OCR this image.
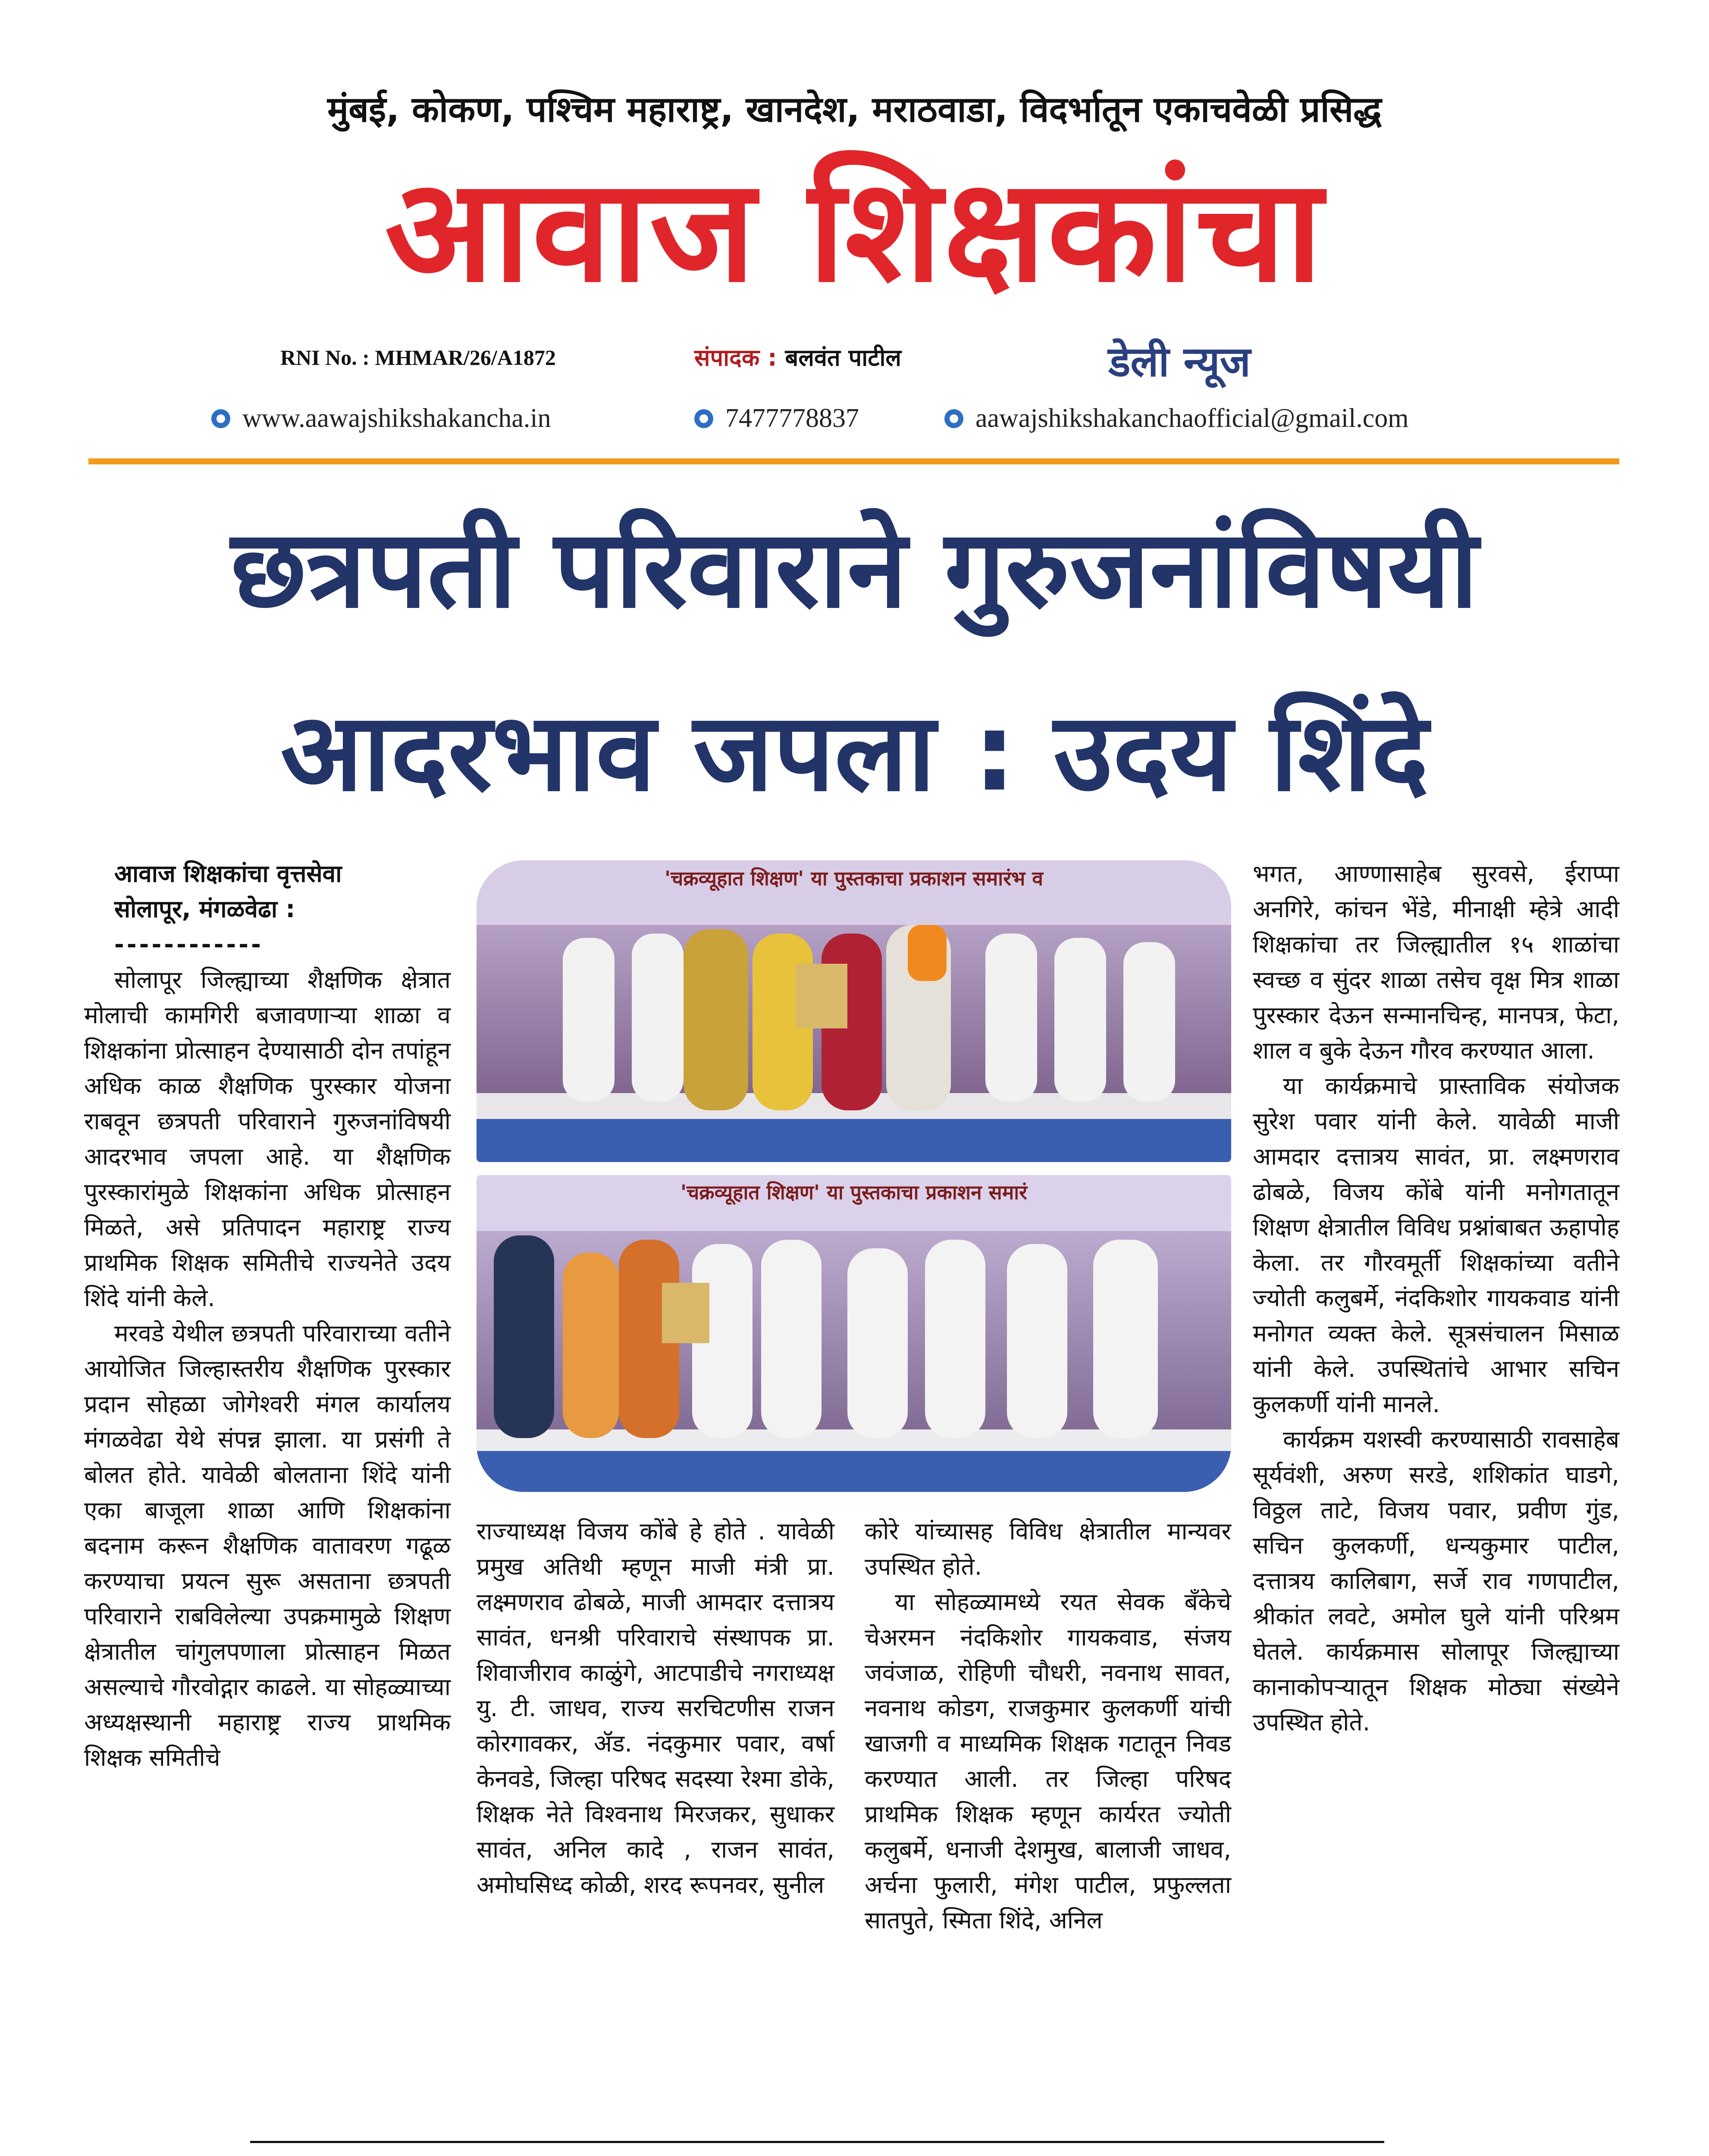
मुंबई, कोकण, पश्चिम महाराष्ट्र, खानदेश, मराठवाडा, विदर्भातून एकाचवेळी प्रसिद्ध
आवाज शिक्षकांचा
RNI No. : MHMAR/26/A1872	संपादक : बलवंत पाटील	डेली न्यूज
www.aawajshikshakancha.in	7477778837	aawajshikshakanchaofficial@gmail.com
छत्रपती परिवाराने गुरुजनांविषयी
आदरभाव जपला : उदय शिंदे

आवाज शिक्षकांचा वृत्तसेवा

सोलापूर, मंगळवेढा :

------------

सोलापूर जिल्ह्याच्या शैक्षणिक क्षेत्रात मोलाची कामगिरी बजावणाऱ्या शाळा व शिक्षकांना प्रोत्साहन देण्यासाठी दोन तपांहून अधिक काळ शैक्षणिक पुरस्कार योजना राबवून छत्रपती परिवाराने गुरुजनांविषयी आदरभाव जपला आहे. या शैक्षणिक पुरस्कारांमुळे शिक्षकांना अधिक प्रोत्साहन मिळते, असे प्रतिपादन महाराष्ट्र राज्य प्राथमिक शिक्षक समितीचे राज्यनेते उदय शिंदे यांनी केले.

मरवडे येथील छत्रपती परिवाराच्या वतीने आयोजित जिल्हास्तरीय शैक्षणिक पुरस्कार प्रदान सोहळा जोगेश्वरी मंगल कार्यालय मंगळवेढा येथे संपन्न झाला. या प्रसंगी ते बोलत होते. यावेळी बोलताना शिंदे यांनी एका बाजूला शाळा आणि शिक्षकांना बदनाम करून शैक्षणिक वातावरण गढूळ करण्याचा प्रयत्न सुरू असताना छत्रपती परिवाराने राबविलेल्या उपक्रमामुळे शिक्षण क्षेत्रातील चांगुलपणाला प्रोत्साहन मिळत असल्याचे गौरवोद्गार काढले. या सोहळ्याच्या अध्यक्षस्थानी महाराष्ट्र राज्य प्राथमिक शिक्षक समितीचे

'चक्रव्यूहात शिक्षण' या पुस्तकाचा प्रकाशन समारंभ व
'चक्रव्यूहात शिक्षण' या पुस्तकाचा प्रकाशन समारं

राज्याध्यक्ष विजय कोंबे हे होते . यावेळी प्रमुख अतिथी म्हणून माजी मंत्री प्रा. लक्ष्मणराव ढोबळे, माजी आमदार दत्तात्रय सावंत, धनश्री परिवाराचे संस्थापक प्रा. शिवाजीराव काळुंगे, आटपाडीचे नगराध्यक्ष यु. टी. जाधव, राज्य सरचिटणीस राजन कोरगावकर, ॲड. नंदकुमार पवार, वर्षा केनवडे, जिल्हा परिषद सदस्या रेश्मा डोके, शिक्षक नेते विश्वनाथ मिरजकर, सुधाकर सावंत, अनिल कादे , राजन सावंत, अमोघसिध्द कोळी, शरद रूपनवर, सुनील

कोरे यांच्यासह विविध क्षेत्रातील मान्यवर उपस्थित होते.

या सोहळ्यामध्ये रयत सेवक बँकेचे चेअरमन नंदकिशोर गायकवाड, संजय जवंजाळ, रोहिणी चौधरी, नवनाथ सावत, नवनाथ कोडग, राजकुमार कुलकर्णी यांची खाजगी व माध्यमिक शिक्षक गटातून निवड करण्यात आली. तर जिल्हा परिषद प्राथमिक शिक्षक म्हणून कार्यरत ज्योती कलुबर्मे, धनाजी देशमुख, बालाजी जाधव, अर्चना फुलारी, मंगेश पाटील, प्रफुल्लता सातपुते, स्मिता शिंदे, अनिल

भगत, आण्णासाहेब सुरवसे, ईराप्पा अनगिरे, कांचन भेंडे, मीनाक्षी म्हेत्रे आदी शिक्षकांचा तर जिल्ह्यातील १५ शाळांचा स्वच्छ व सुंदर शाळा तसेच वृक्ष मित्र शाळा पुरस्कार देऊन सन्मानचिन्ह, मानपत्र, फेटा, शाल व बुके देऊन गौरव करण्यात आला.

या कार्यक्रमाचे प्रास्ताविक संयोजक सुरेश पवार यांनी केले. यावेळी माजी आमदार दत्तात्रय सावंत, प्रा. लक्ष्मणराव ढोबळे, विजय कोंबे यांनी मनोगतातून शिक्षण क्षेत्रातील विविध प्रश्नांबाबत ऊहापोह केला. तर गौरवमूर्ती शिक्षकांच्या वतीने ज्योती कलुबर्मे, नंदकिशोर गायकवाड यांनी मनोगत व्यक्त केले. सूत्रसंचालन मिसाळ यांनी केले. उपस्थितांचे आभार सचिन कुलकर्णी यांनी मानले.

कार्यक्रम यशस्वी करण्यासाठी रावसाहेब सूर्यवंशी, अरुण सरडे, शशिकांत घाडगे, विठ्ठल ताटे, विजय पवार, प्रवीण गुंड, सचिन कुलकर्णी, धन्यकुमार पाटील, दत्तात्रय कालिबाग, सर्जे राव गणपाटील, श्रीकांत लवटे, अमोल घुले यांनी परिश्रम घेतले. कार्यक्रमास सोलापूर जिल्ह्याच्या कानाकोपऱ्यातून शिक्षक मोठ्या संख्येने उपस्थित होते.
